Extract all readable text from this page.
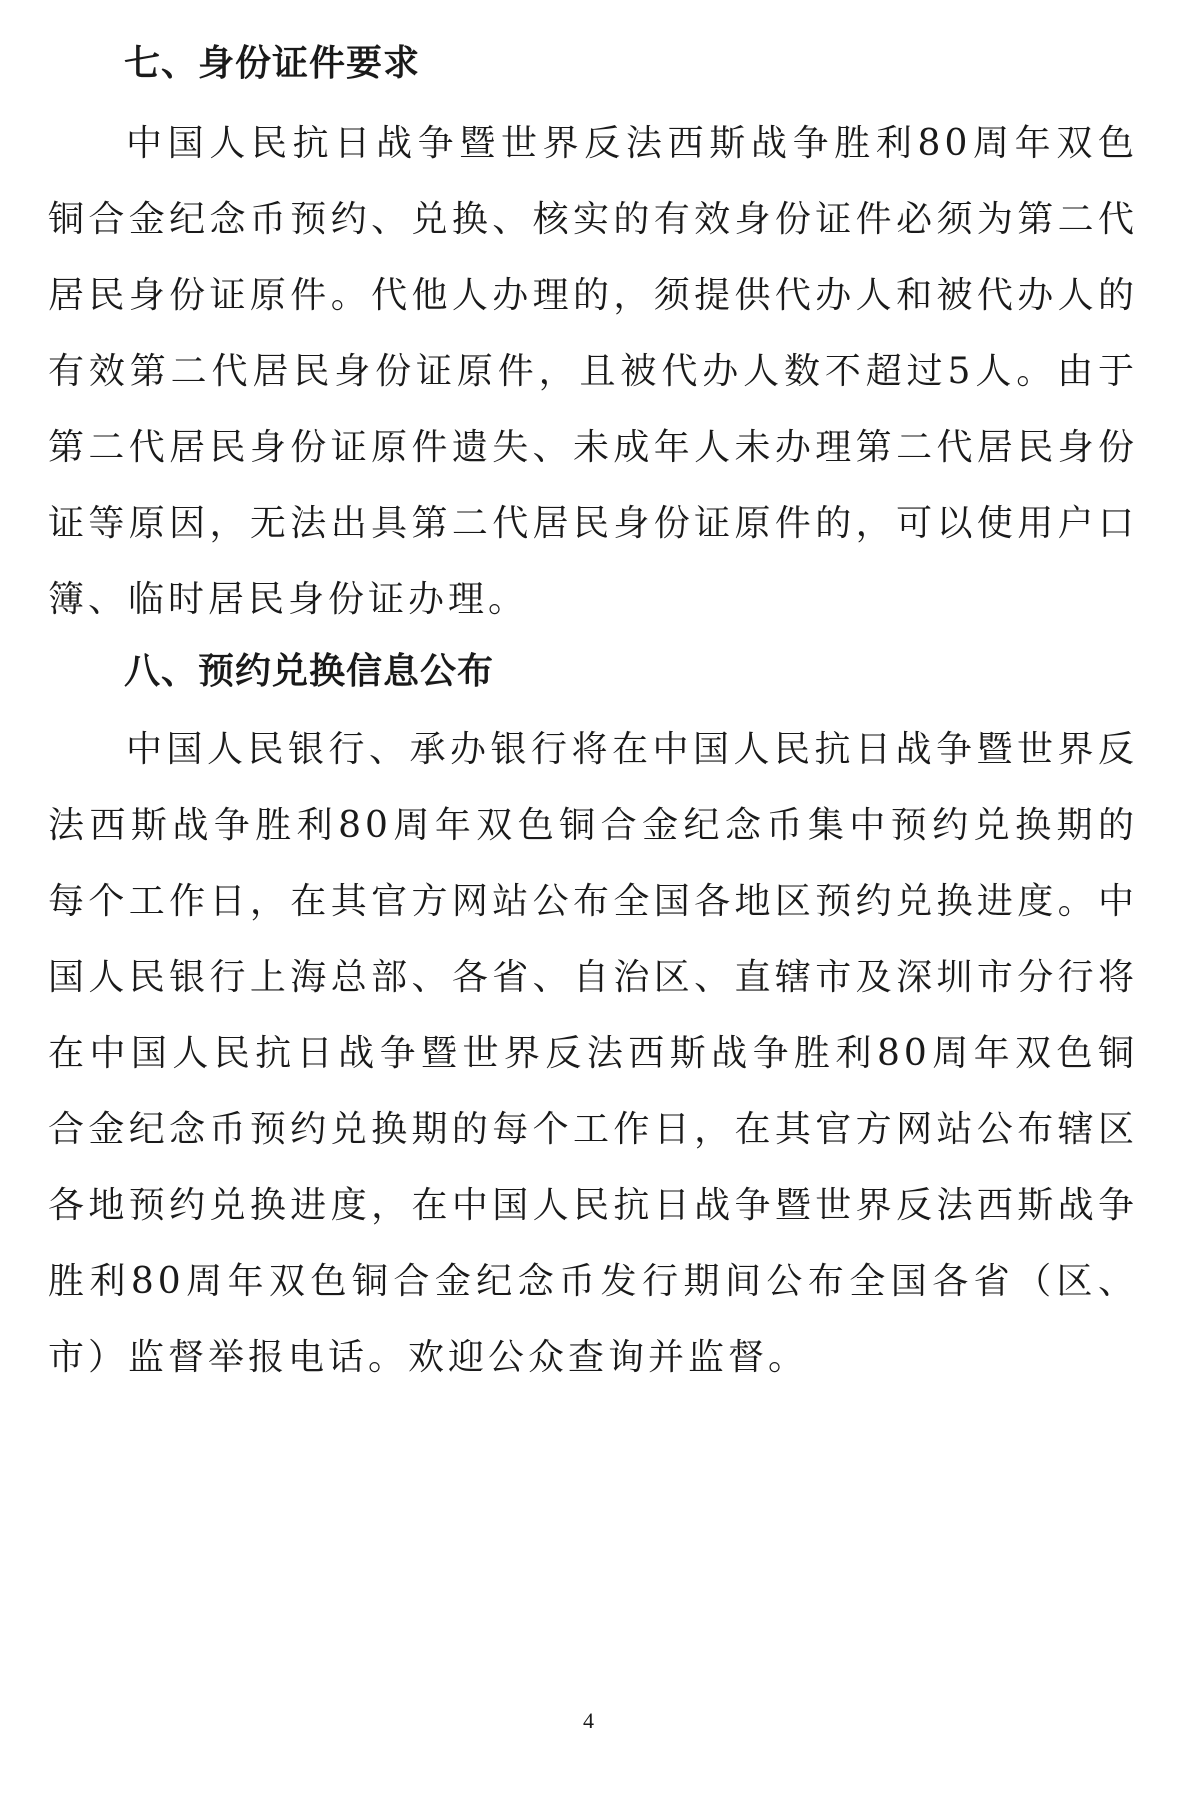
七、身份证件要求

中国人民抗日战争暨世界反法西斯战争胜利80周年双色铜合金纪念币预约、兑换、核实的有效身份证件必须为第二代居民身份证原件。代他人办理的，须提供代办人和被代办人的有效第二代居民身份证原件，且被代办人数不超过5人。由于第二代居民身份证原件遗失、未成年人未办理第二代居民身份证等原因，无法出具第二代居民身份证原件的，可以使用户口簿、临时居民身份证办理。

八、预约兑换信息公布

中国人民银行、承办银行将在中国人民抗日战争暨世界反法西斯战争胜利80周年双色铜合金纪念币集中预约兑换期的每个工作日，在其官方网站公布全国各地区预约兑换进度。中国人民银行上海总部、各省、自治区、直辖市及深圳市分行将在中国人民抗日战争暨世界反法西斯战争胜利80周年双色铜合金纪念币预约兑换期的每个工作日，在其官方网站公布辖区各地预约兑换进度，在中国人民抗日战争暨世界反法西斯战争胜利80周年双色铜合金纪念币发行期间公布全国各省（区、市）监督举报电话。欢迎公众查询并监督。

4
